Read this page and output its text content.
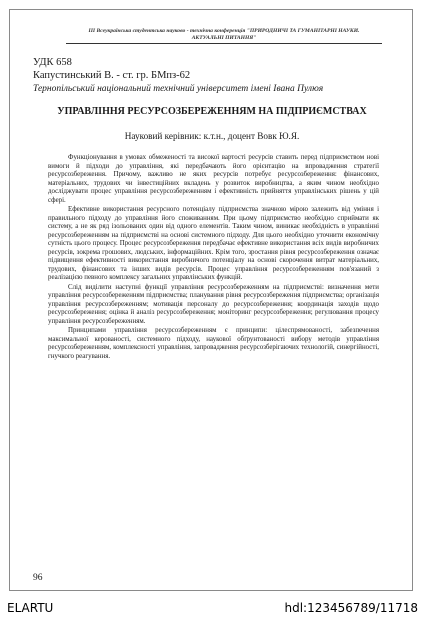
ІІІ Всеукраїнська студентська науково - технічна конференція "ПРИРОДНИЧІ ТА ГУМАНІТАРНІ НАУКИ.
АКТУАЛЬНІ ПИТАННЯ"
УДК 658
Капустинський В. - ст. гр. БМпз-62
Тернопільський національний технічний університет імені Івана Пулюя
УПРАВЛІННЯ РЕСУРСОЗБЕРЕЖЕННЯМ НА ПІДПРИЄМСТВАХ
Науковий керівник: к.т.н., доцент Вовк Ю.Я.

Функціонування в умовах обмеженості та високої вартості ресурсів ставить перед підприємством нові вимоги й підходи до управління, які передбачають його орієнтацію на впровадження стратегії ресурсозбереження. Причому, важливо не яких ресурсів потребує ресурсозбереження: фінансових, матеріальних, трудових чи інвестиційних вкладень у розвиток виробництва, а яким чином необхідно досліджувати процес управління ресурсозбереженням і ефективність прийняття управлінських рішень у цій сфері.

Ефективне використання ресурсного потенціалу підприємства значною мірою залежить від уміння і правильного підходу до управління його споживанням. При цьому підприємство необхідно сприймати як систему, а не як ряд ізольованих один від одного елементів. Таким чином, виникає необхідність в управлінні ресурсозбереженням на підприємстві на основі системного підходу. Для цього необхідно уточнити економічну сутність цього процесу. Процес ресурсозбереження передбачає ефективне використання всіх видів виробничих ресурсів, зокрема грошових, людських, інформаційних. Крім того, зростання рівня ресурсозбереження означає підвищення ефективності використання виробничого потенціалу на основі скорочення витрат матеріальних, трудових, фінансових та інших видів ресурсів. Процес управління ресурсозбереженням пов'язаний з реалізацією певного комплексу загальних управлінських функцій.

Слід виділити наступні функції управління ресурсозбереженням на підприємстві: визначення мети управління ресурсозбереженням підприємства; планування рівня ресурсозбереження підприємства; організація управління ресурсозбереженням; мотивація персоналу до ресурсозбереження; координація заходів щодо ресурсозбереження; оцінка й аналіз ресурсозбереження; моніторинг ресурсозбереження; регулювання процесу управління ресурсозбереженням.

Принципами управління ресурсозбереженням є принципи: цілеспрямованості, забезпечення максимальної керованості, системного підходу, наукової обґрунтованості вибору методів управління ресурсозбереженням, комплексності управління, запровадження ресурсозберігаючих технологій, синергійності, гнучкого реагування.

96
ELARTU	hdl:123456789/11718
